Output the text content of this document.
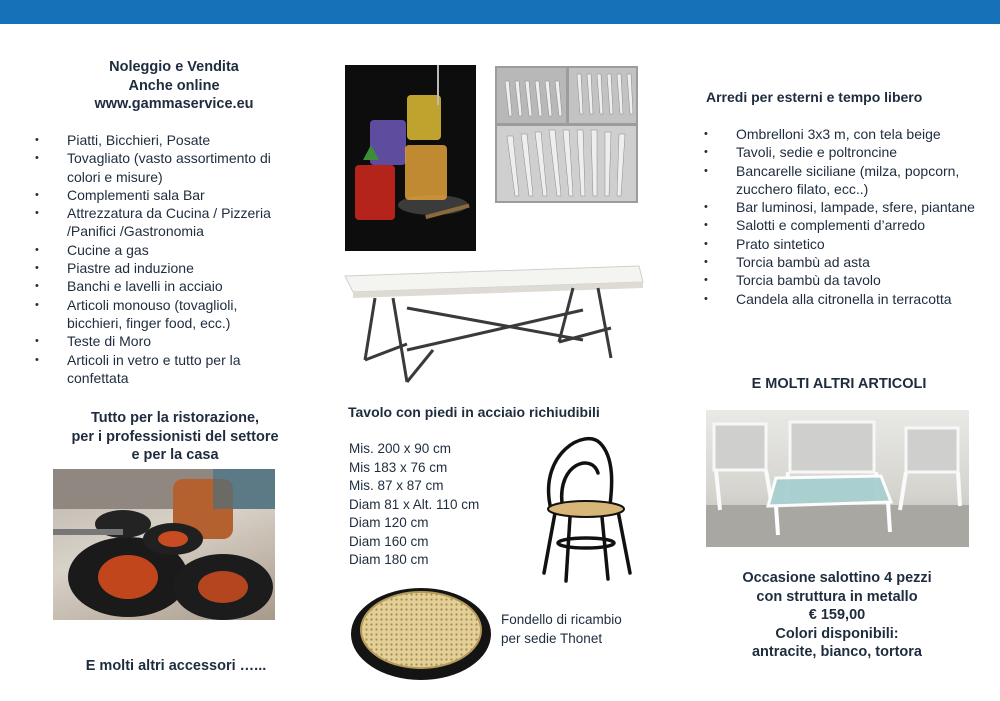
Noleggio e Vendita
Anche online
www.gammaservice.eu
• Piatti, Bicchieri, Posate
• Tovagliato (vasto assortimento di colori e misure)
• Complementi sala Bar
• Attrezzatura da Cucina / Pizzeria /Panifici /Gastronomia
• Cucine a gas
• Piastre ad induzione
• Banchi e lavelli in acciaio
• Articoli monouso (tovaglioli, bicchieri, finger food, ecc.)
• Teste di Moro
• Articoli in vetro e tutto per la confettata
Tutto per la ristorazione,
per i professionisti del settore
e per la casa
E molti altri accessori …...
Tavolo con piedi in acciaio richiudibili
Mis. 200 x 90 cm
Mis 183 x 76 cm
Mis. 87 x 87 cm
Diam 81 x Alt. 110 cm
Diam 120 cm
Diam 160 cm
Diam 180 cm
Fondello di ricambio
per sedie Thonet
Arredi per esterni e tempo libero
• Ombrelloni 3x3 m, con tela beige
• Tavoli, sedie e poltroncine
• Bancarelle siciliane (milza, popcorn, zucchero filato, ecc..)
• Bar luminosi, lampade, sfere, piantane
• Salotti e complementi d’arredo
• Prato sintetico
• Torcia bambù ad asta
• Torcia bambù da tavolo
• Candela alla citronella in terracotta
E MOLTI ALTRI ARTICOLI
Occasione salottino 4 pezzi
con struttura in metallo
€ 159,00
Colori disponibili:
antracite, bianco, tortora
